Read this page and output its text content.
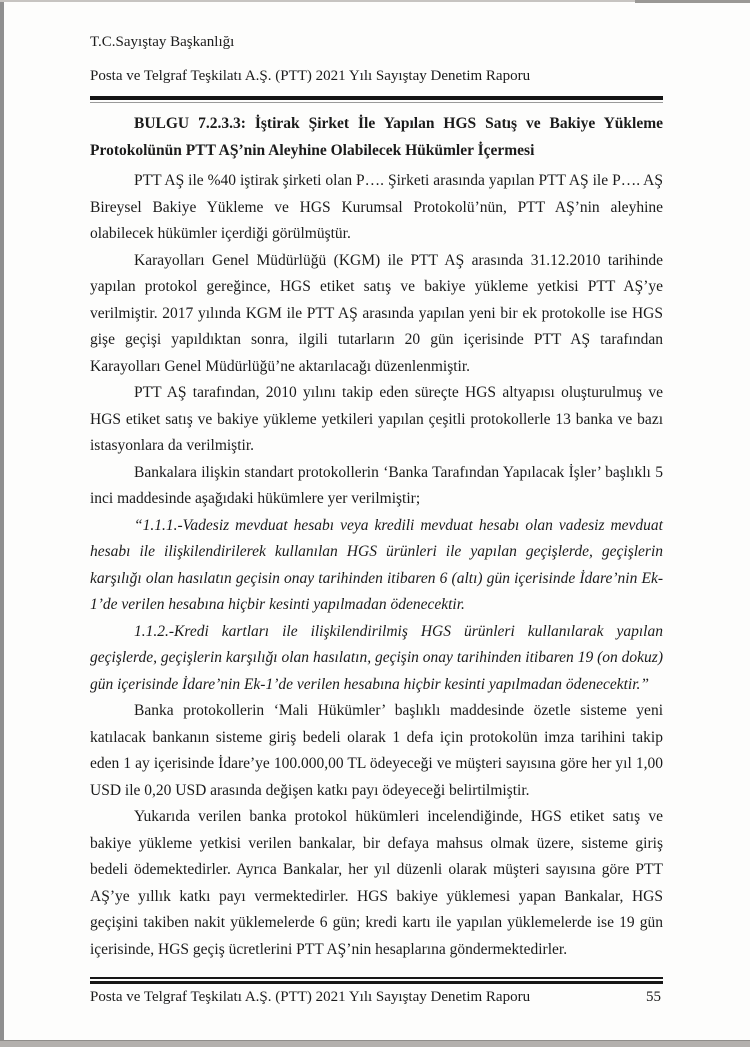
T.C.Sayıştay Başkanlığı

Posta ve Telgraf Teşkilatı A.Ş. (PTT) 2021 Yılı Sayıştay Denetim Raporu

BULGU 7.2.3.3: İştirak Şirket İle Yapılan HGS Satış ve Bakiye Yükleme Protokolünün PTT AŞ’nin Aleyhine Olabilecek Hükümler İçermesi

PTT AŞ ile %40 iştirak şirketi olan P…. Şirketi arasında yapılan PTT AŞ ile P…. AŞ Bireysel Bakiye Yükleme ve HGS Kurumsal Protokolü’nün, PTT AŞ’nin aleyhine olabilecek hükümler içerdiği görülmüştür.

Karayolları Genel Müdürlüğü (KGM) ile PTT AŞ arasında 31.12.2010 tarihinde yapılan protokol gereğince, HGS etiket satış ve bakiye yükleme yetkisi PTT AŞ’ye verilmiştir. 2017 yılında KGM ile PTT AŞ arasında yapılan yeni bir ek protokolle ise HGS gişe geçişi yapıldıktan sonra, ilgili tutarların 20 gün içerisinde PTT AŞ tarafından Karayolları Genel Müdürlüğü’ne aktarılacağı düzenlenmiştir.

PTT AŞ tarafından, 2010 yılını takip eden süreçte HGS altyapısı oluşturulmuş ve HGS etiket satış ve bakiye yükleme yetkileri yapılan çeşitli protokollerle 13 banka ve bazı istasyonlara da verilmiştir.

Bankalara ilişkin standart protokollerin ‘Banka Tarafından Yapılacak İşler’ başlıklı 5 inci maddesinde aşağıdaki hükümlere yer verilmiştir;

“1.1.1.-Vadesiz mevduat hesabı veya kredili mevduat hesabı olan vadesiz mevduat hesabı ile ilişkilendirilerek kullanılan HGS ürünleri ile yapılan geçişlerde, geçişlerin karşılığı olan hasılatın geçisin onay tarihinden itibaren 6 (altı) gün içerisinde İdare’nin Ek-1’de verilen hesabına hiçbir kesinti yapılmadan ödenecektir.

1.1.2.-Kredi kartları ile ilişkilendirilmiş HGS ürünleri kullanılarak yapılan geçişlerde, geçişlerin karşılığı olan hasılatın, geçişin onay tarihinden itibaren 19 (on dokuz) gün içerisinde İdare’nin Ek-1’de verilen hesabına hiçbir kesinti yapılmadan ödenecektir.”

Banka protokollerin ‘Mali Hükümler’ başlıklı maddesinde özetle sisteme yeni katılacak bankanın sisteme giriş bedeli olarak 1 defa için protokolün imza tarihini takip eden 1 ay içerisinde İdare’ye 100.000,00 TL ödeyeceği ve müşteri sayısına göre her yıl 1,00 USD ile 0,20 USD arasında değişen katkı payı ödeyeceği belirtilmiştir.

Yukarıda verilen banka protokol hükümleri incelendiğinde, HGS etiket satış ve bakiye yükleme yetkisi verilen bankalar, bir defaya mahsus olmak üzere, sisteme giriş bedeli ödemektedirler. Ayrıca Bankalar, her yıl düzenli olarak müşteri sayısına göre PTT AŞ’ye yıllık katkı payı vermektedirler. HGS bakiye yüklemesi yapan Bankalar, HGS geçişini takiben nakit yüklemelerde 6 gün; kredi kartı ile yapılan yüklemelerde ise 19 gün içerisinde, HGS geçiş ücretlerini PTT AŞ’nin hesaplarına göndermektedirler.

Posta ve Telgraf Teşkilatı A.Ş. (PTT) 2021 Yılı Sayıştay Denetim Raporu	55
